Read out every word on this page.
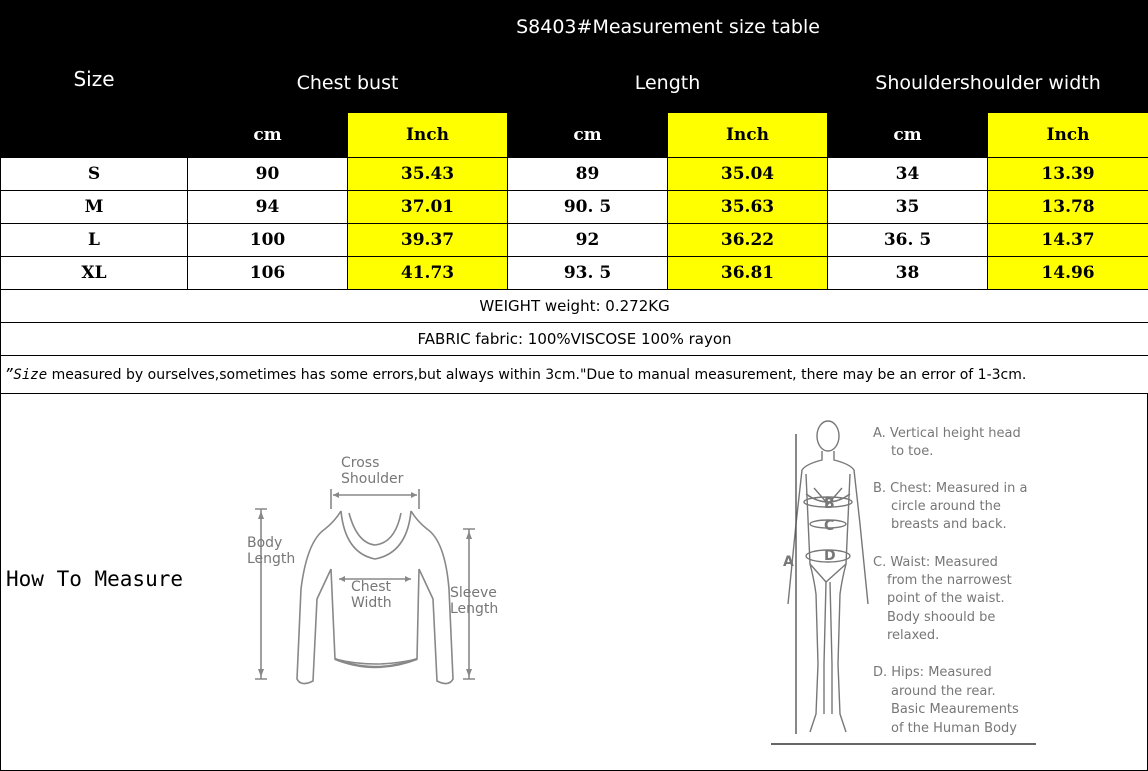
Size	S8403#Measurement size table					
	Chest bust		Length		Shouldershoulder width	
	cm	Inch	cm	Inch	cm	Inch
S	90	35.43	89	35.04	34	13.39
M	94	37.01	90. 5	35.63	35	13.78
L	100	39.37	92	36.22	36. 5	14.37
XL	106	41.73	93. 5	36.81	38	14.96
WEIGHT weight: 0.272KG						
FABRIC fabric: 100%VISCOSE 100% rayon						
”Size measured by ourselves,sometimes has some errors,but always within 3cm."Due to manual measurement, there may be an error of 1-3cm.						
How To Measure
Cross
Shoulder
Body
Length
Chest
Width
Sleeve
Length
B
C
D
A
A. Vertical height head
to toe.
B. Chest: Measured in a
circle around the
breasts and back.
C. Waist: Measured
from the narrowest
point of the waist.
Body shoould be
relaxed.
D. Hips: Measured
around the rear.
Basic Meaurements
of the Human Body
